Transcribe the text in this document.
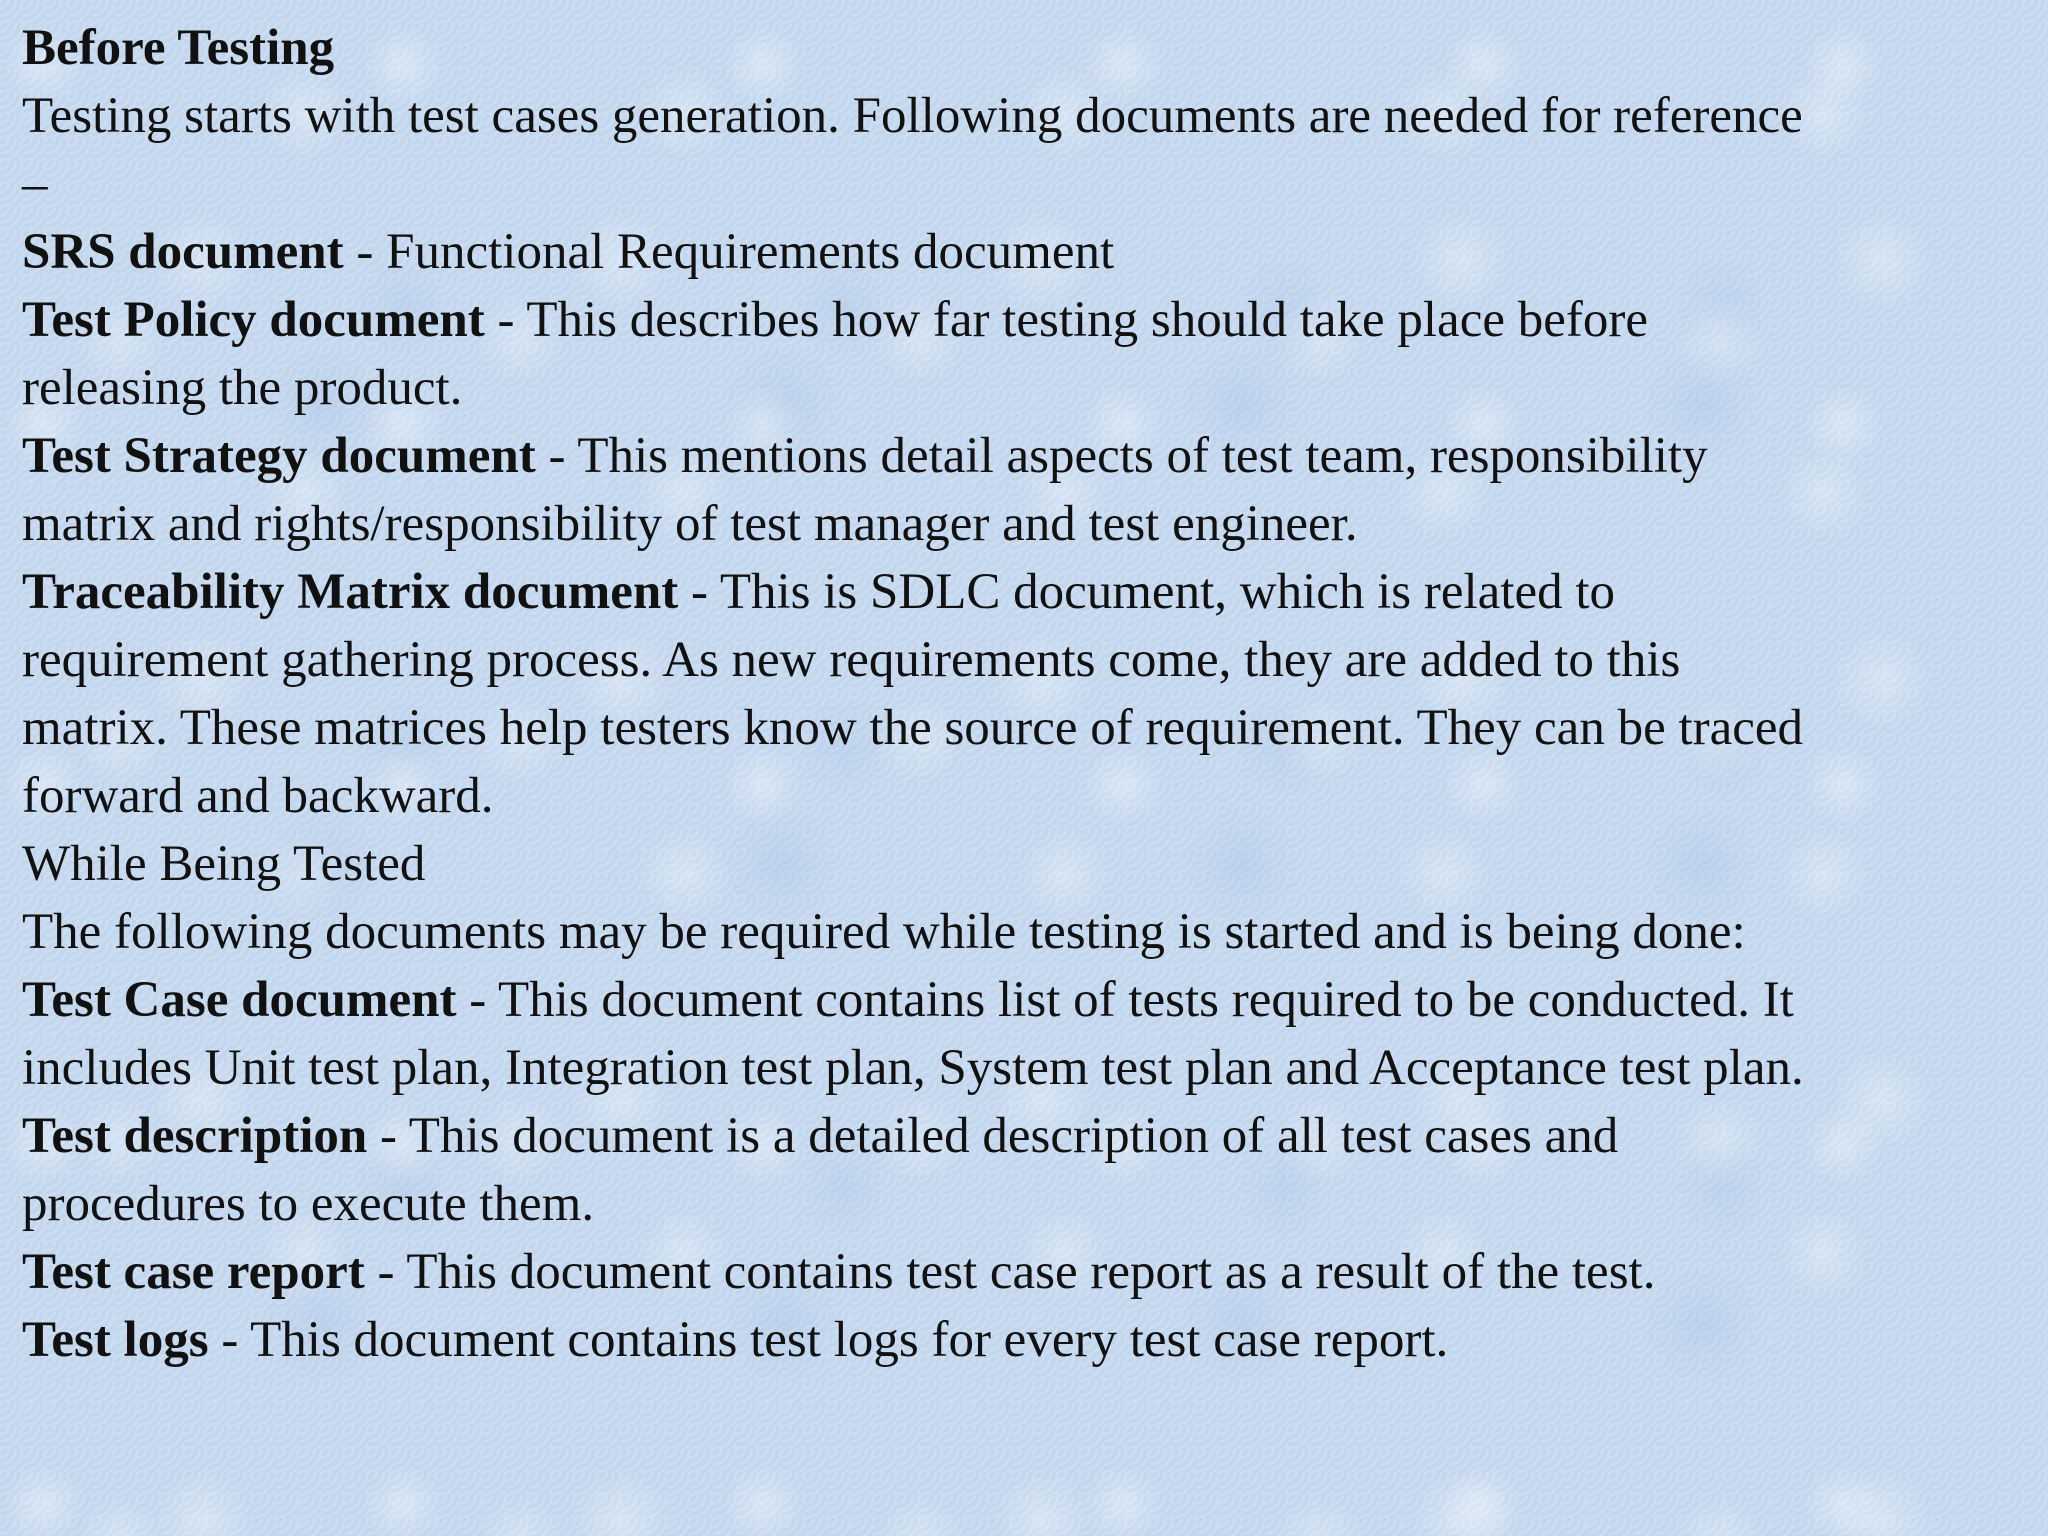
Before Testing
Testing starts with test cases generation. Following documents are needed for reference
–
SRS document - Functional Requirements document
Test Policy document - This describes how far testing should take place before
releasing the product.
Test Strategy document - This mentions detail aspects of test team, responsibility
matrix and rights/responsibility of test manager and test engineer.
Traceability Matrix document - This is SDLC document, which is related to
requirement gathering process. As new requirements come, they are added to this
matrix. These matrices help testers know the source of requirement. They can be traced
forward and backward.
While Being Tested
The following documents may be required while testing is started and is being done:
Test Case document - This document contains list of tests required to be conducted. It
includes Unit test plan, Integration test plan, System test plan and Acceptance test plan.
Test description - This document is a detailed description of all test cases and
procedures to execute them.
Test case report - This document contains test case report as a result of the test.
Test logs - This document contains test logs for every test case report.
